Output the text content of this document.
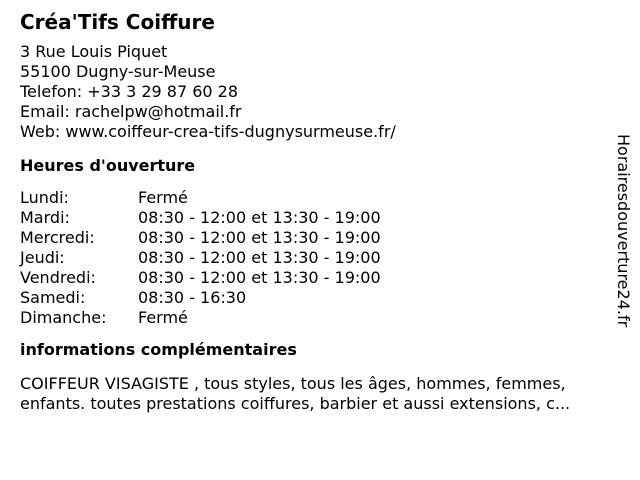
Créa'Tifs Coiffure
3 Rue Louis Piquet
55100 Dugny-sur-Meuse
Telefon: +33 3 29 87 60 28
Email: rachelpw@hotmail.fr
Web: www.coiffeur-crea-tifs-dugnysurmeuse.fr/
Heures d'ouverture
Lundi:	Fermé
Mardi:	08:30 - 12:00 et 13:30 - 19:00
Mercredi:	08:30 - 12:00 et 13:30 - 19:00
Jeudi:	08:30 - 12:00 et 13:30 - 19:00
Vendredi:	08:30 - 12:00 et 13:30 - 19:00
Samedi:	08:30 - 16:30
Dimanche:	Fermé
informations complémentaires
COIFFEUR VISAGISTE , tous styles, tous les âges, hommes, femmes, enfants. toutes prestations coiffures, barbier et aussi extensions, c...
Horairesdouverture24.fr
